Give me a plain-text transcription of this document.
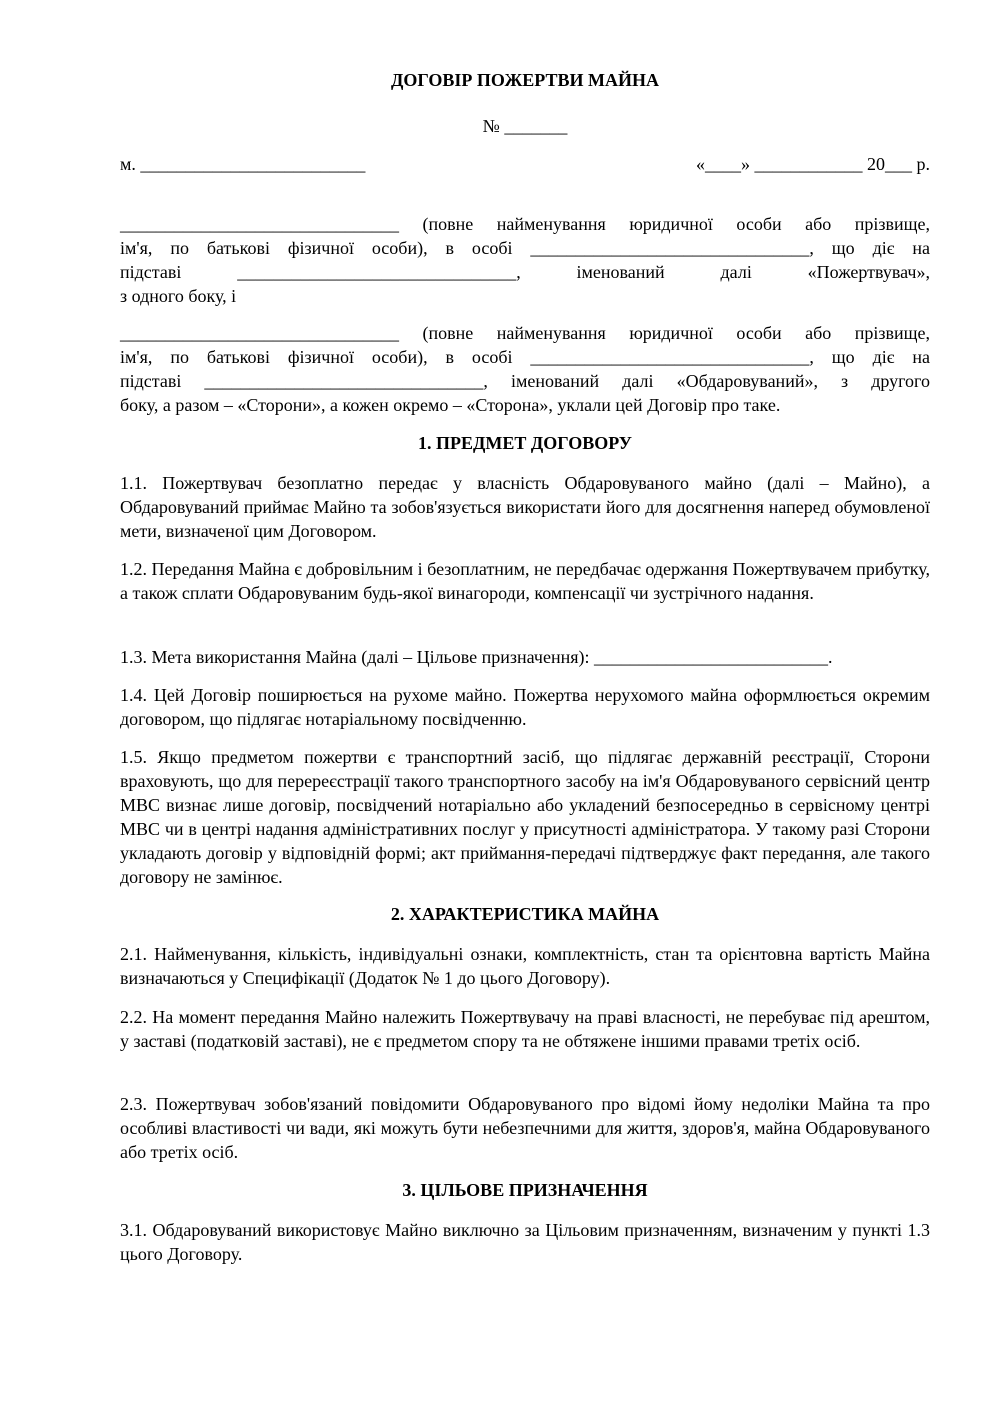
ДОГОВІР ПОЖЕРТВИ МАЙНА
№ _______
м. _________________________	«____» ____________ 20___ р.

_______________________________ (повне найменування юридичної особи або прізвище,

ім'я, по батькові фізичної особи), в особі _______________________________, що діє на

підставі _______________________________, іменований далі «Пожертвувач»,

з одного боку, і

_______________________________ (повне найменування юридичної особи або прізвище,

ім'я, по батькові фізичної особи), в особі _______________________________, що діє на

підставі _______________________________, іменований далі «Обдаровуваний», з другого

боку, а разом – «Сторони», а кожен окремо – «Сторона», уклали цей Договір про таке.

1. ПРЕДМЕТ ДОГОВОРУ
1.1. Пожертвувач безоплатно передає у власність Обдаровуваного майно (далі – Майно), а Обдаровуваний приймає Майно та зобов'язується використати його для досягнення наперед обумовленої мети, визначеної цим Договором.
1.2. Передання Майна є добровільним і безоплатним, не передбачає одержання Пожертвувачем прибутку, а також сплати Обдаровуваним будь-якої винагороди, компенсації чи зустрічного надання.
1.3. Мета використання Майна (далі – Цільове призначення): __________________________.
1.4. Цей Договір поширюється на рухоме майно. Пожертва нерухомого майна оформлюється окремим договором, що підлягає нотаріальному посвідченню.
1.5. Якщо предметом пожертви є транспортний засіб, що підлягає державній реєстрації, Сторони враховують, що для перереєстрації такого транспортного засобу на ім'я Обдаровуваного сервісний центр МВС визнає лише договір, посвідчений нотаріально або укладений безпосередньо в сервісному центрі МВС чи в центрі надання адміністративних послуг у присутності адміністратора. У такому разі Сторони укладають договір у відповідній формі; акт приймання-передачі підтверджує факт передання, але такого договору не замінює.
2. ХАРАКТЕРИСТИКА МАЙНА
2.1. Найменування, кількість, індивідуальні ознаки, комплектність, стан та орієнтовна вартість Майна визначаються у Специфікації (Додаток № 1 до цього Договору).
2.2. На момент передання Майно належить Пожертвувачу на праві власності, не перебуває під арештом, у заставі (податковій заставі), не є предметом спору та не обтяжене іншими правами третіх осіб.
2.3. Пожертвувач зобов'язаний повідомити Обдаровуваного про відомі йому недоліки Майна та про особливі властивості чи вади, які можуть бути небезпечними для життя, здоров'я, майна Обдаровуваного або третіх осіб.
3. ЦІЛЬОВЕ ПРИЗНАЧЕННЯ
3.1. Обдаровуваний використовує Майно виключно за Цільовим призначенням, визначеним у пункті 1.3 цього Договору.
